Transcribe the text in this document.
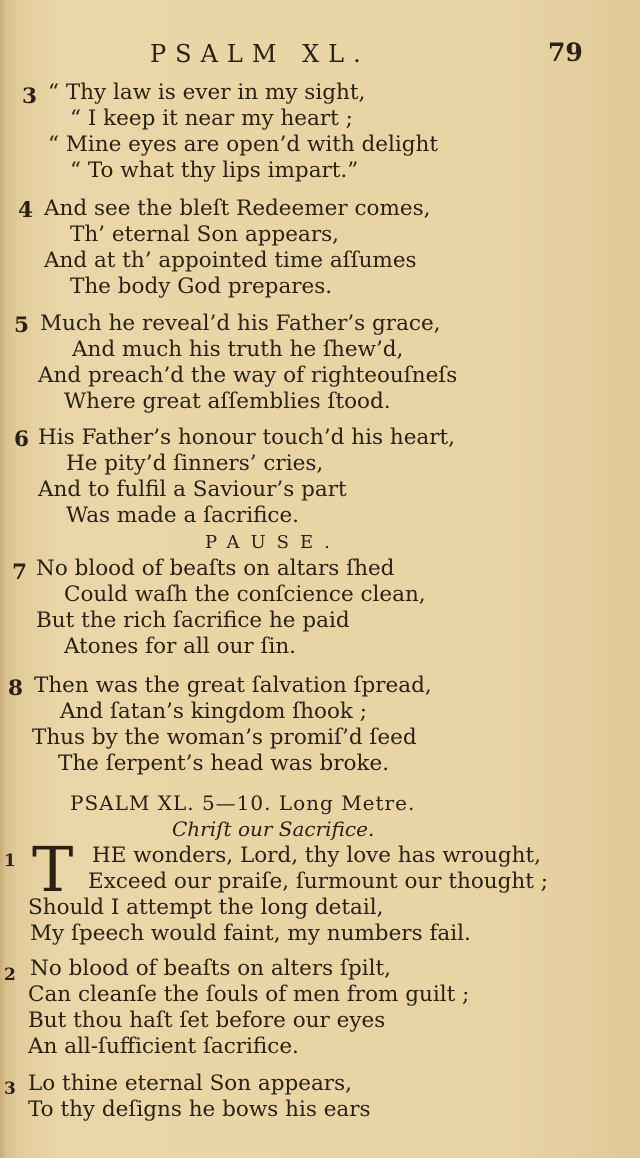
PSALM XL.	79
3 “ Thy law is ever in my sight,
“ I keep it near my heart ;
“ Mine eyes are open’d with delight
“ To what thy lips impart.”
4 And see the bleſt Redeemer comes,
Th’ eternal Son appears,
And at th’ appointed time aſſumes
The body God prepares.
5 Much he reveal’d his Father’s grace,
And much his truth he ſhew’d,
And preach’d the way of righteouſneſs
Where great aſſemblies ſtood.
6 His Father’s honour touch’d his heart,
He pity’d ſinners’ cries,
And to fulfil a Saviour’s part
Was made a ſacrifice.
PAUSE.
7 No blood of beaſts on altars ſhed
Could waſh the conſcience clean,
But the rich ſacrifice he paid
Atones for all our ſin.
8 Then was the great ſalvation ſpread,
And ſatan’s kingdom ſhook ;
Thus by the woman’s promiſ’d ſeed
The ſerpent’s head was broke.
PSALM XL. 5—10. Long Metre.
Chriſt our Sacrifice.
1 T HE wonders, Lord, thy love has wrought,
Exceed our praiſe, ſurmount our thought ;
Should I attempt the long detail,
My ſpeech would faint, my numbers fail.
2 No blood of beaſts on alters ſpilt,
Can cleanſe the ſouls of men from guilt ;
But thou haſt ſet before our eyes
An all-ſufficient ſacrifice.
3 Lo thine eternal Son appears,
To thy deſigns he bows his ears
